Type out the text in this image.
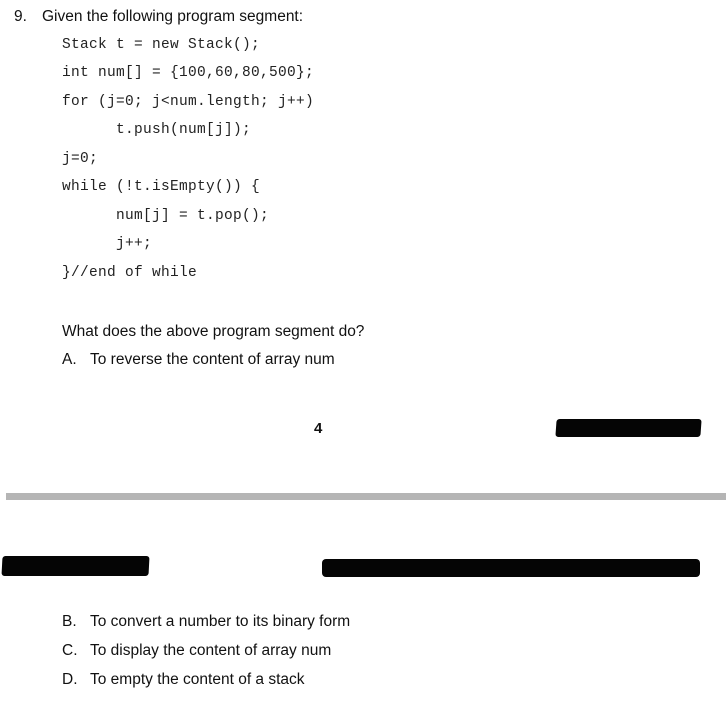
9. Given the following program segment:
Stack t = new Stack();
int num[] = {100,60,80,500};
for (j=0; j<num.length; j++)
t.push(num[j]);
j=0;
while (!t.isEmpty()) {
num[j] = t.pop();
j++;
}//end of while
What does the above program segment do?
A. To reverse the content of array num
4
B. To convert a number to its binary form
C. To display the content of array num
D. To empty the content of a stack
